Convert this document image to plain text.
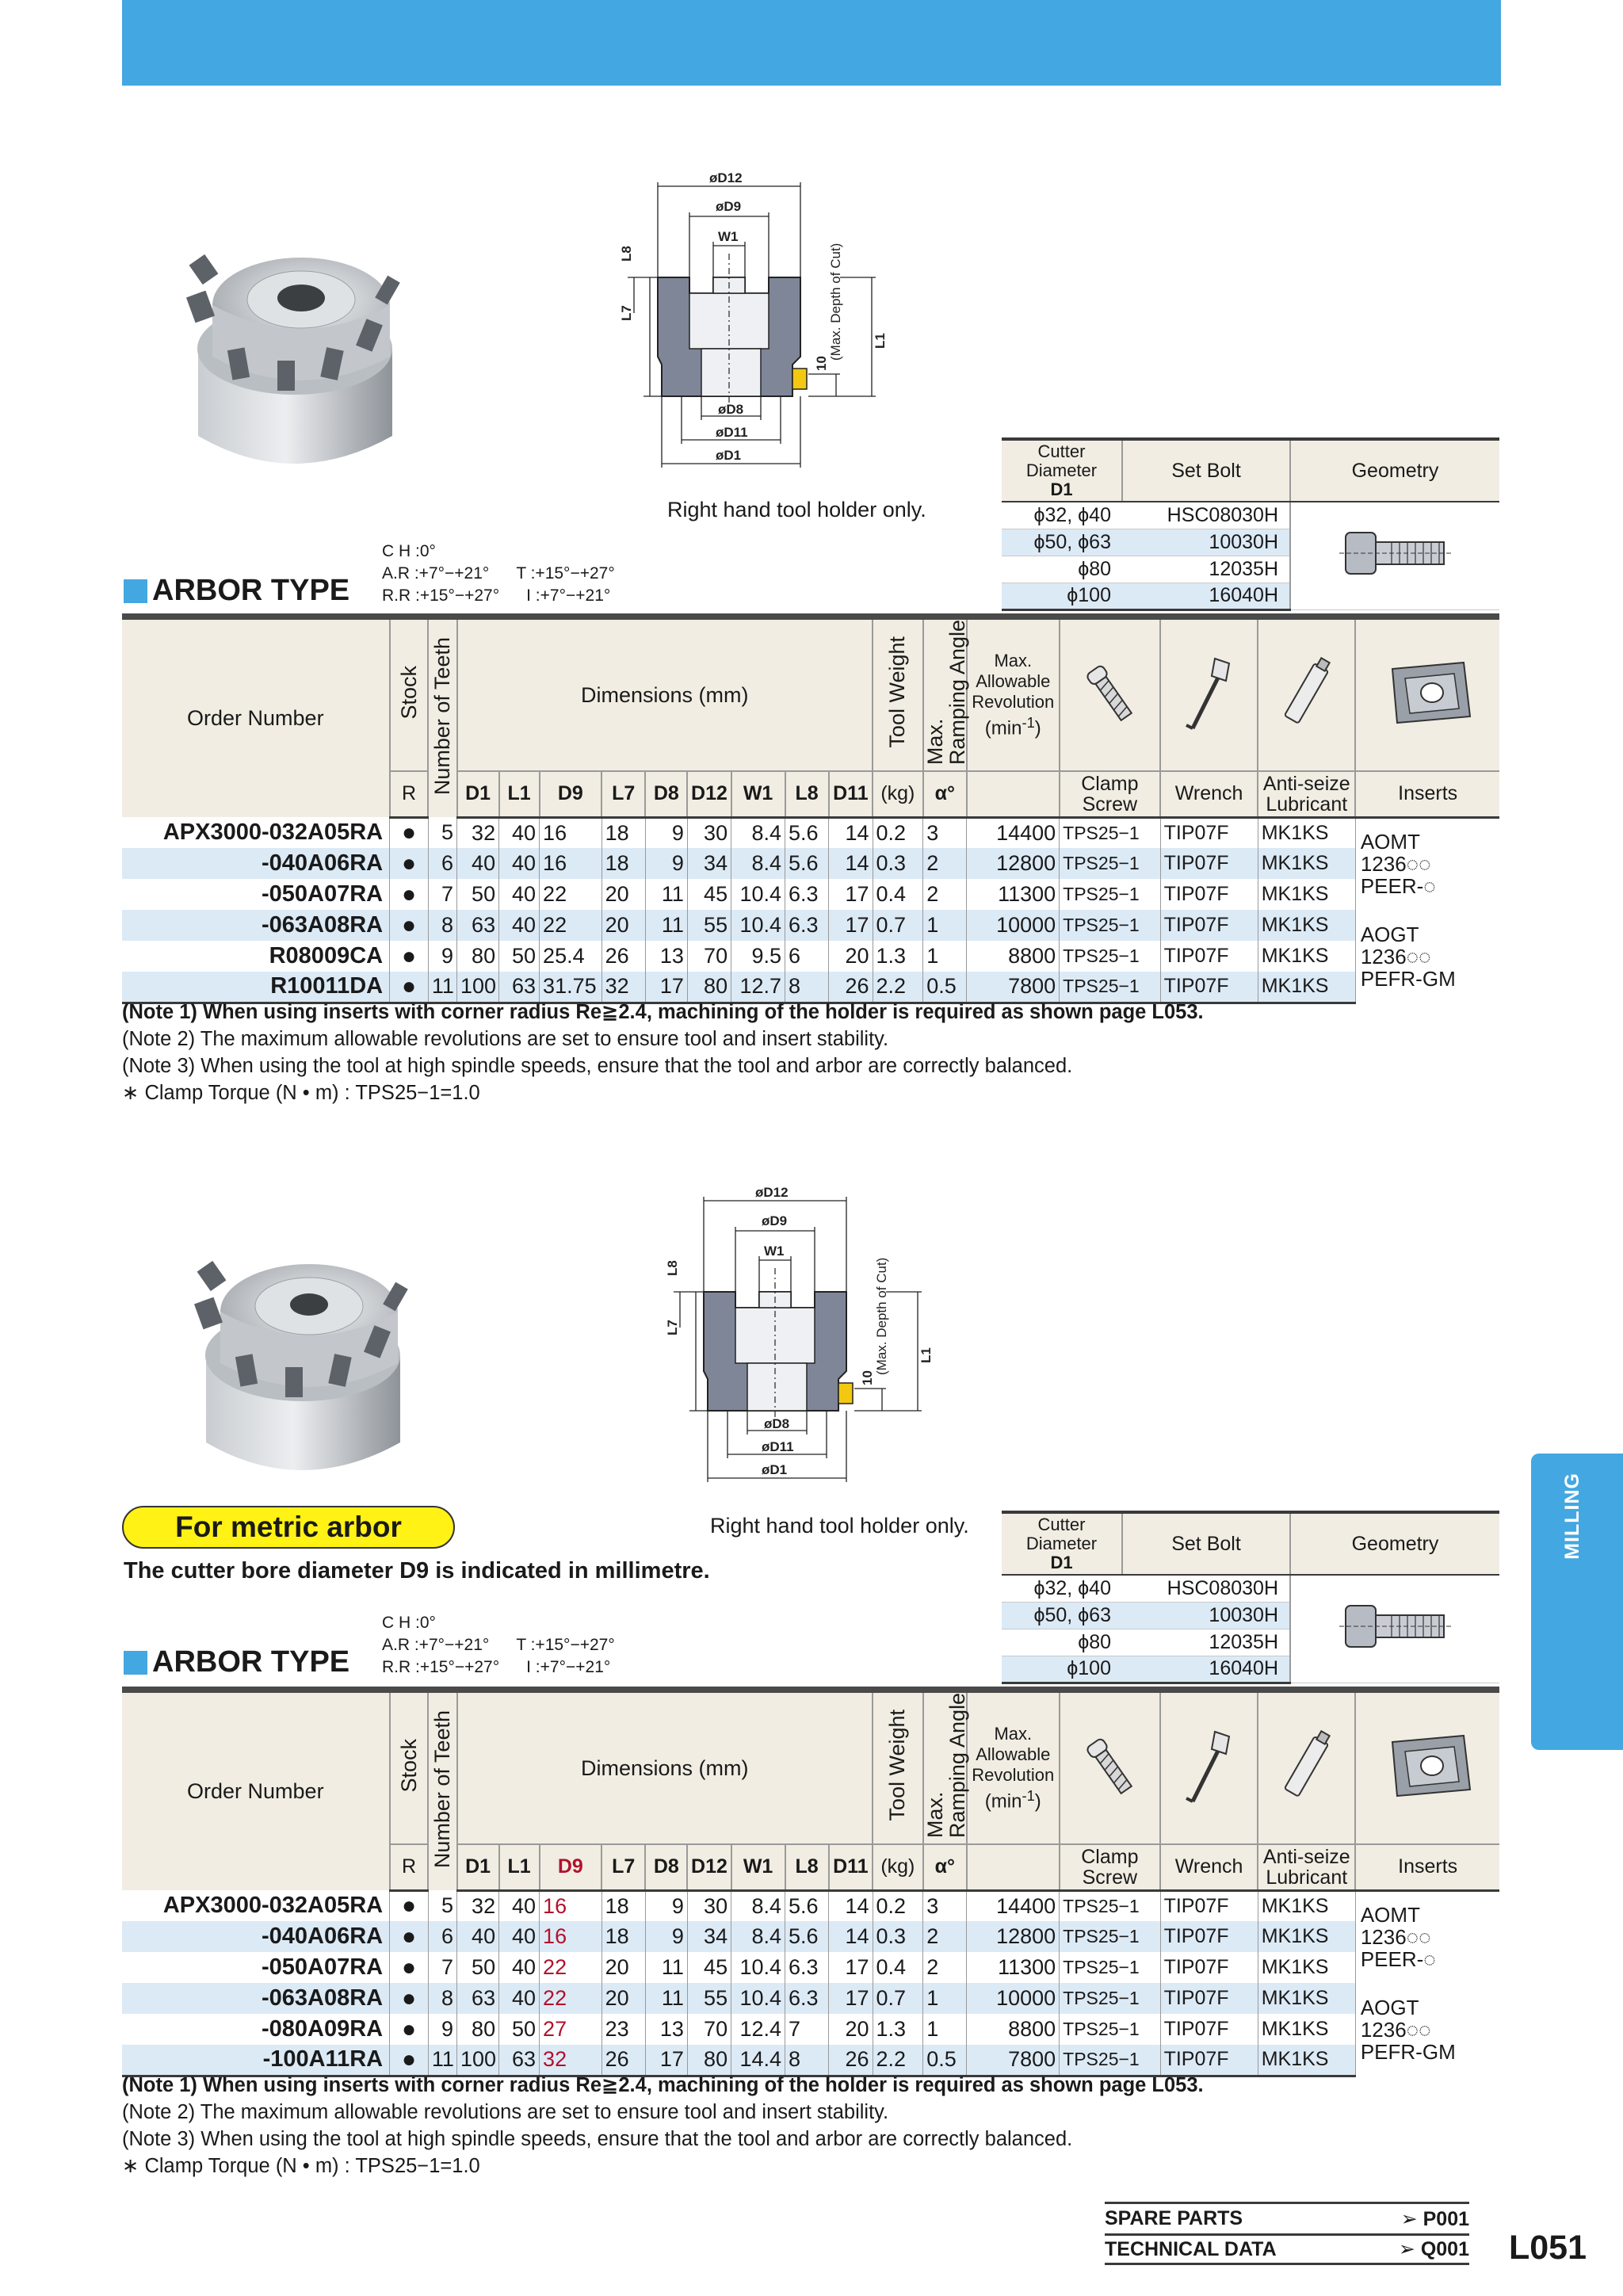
øD12
øD9
W1
L8
L7
10
(Max. Depth of Cut) L1
øD8
øD11
øD1
Right hand tool holder only.
Cutter Diameter
D1	Set Bolt	Geometry
ϕ32, ϕ40	HSC08030H	
ϕ50, ϕ63	10030H	
ϕ80	12035H	
ϕ100	16040H	
C H :0°
A.R :+7°−+21° T :+15°−+27°
R.R :+15°−+27° I :+7°−+21°
ARBOR TYPE
Order Number	Stock	Number of Teeth	Dimensions (mm)									Tool Weight	Max.
Ramping Angle	Max.
Allowable
Revolution
$(\min^{-1})$				
	R		D1	L1	D9	L7	D8	D12	W1	L8	D11	(kg)	α°		Clamp
Screw	Wrench	Anti-seize
Lubricant	Inserts
APX3000-032A05RA	●	5	32	40	16	18	9	30	8.4	5.6	14	0.2	3	14400	TPS25−1	TIP07F	MK1KS	AOMT
1236◌◌
PEER-◌
-040A06RA	●	6	40	40	16	18	9	34	8.4	5.6	14	0.3	2	12800	TPS25−1	TIP07F	MK1KS	
-050A07RA	●	7	50	40	22	20	11	45	10.4	6.3	17	0.4	2	11300	TPS25−1	TIP07F	MK1KS	
-063A08RA	●	8	63	40	22	20	11	55	10.4	6.3	17	0.7	1	10000	TPS25−1	TIP07F	MK1KS	AOGT
1236◌◌
PEFR-GM
R08009CA	●	9	80	50	25.4	26	13	70	9.5	6	20	1.3	1	8800	TPS25−1	TIP07F	MK1KS	
R10011DA	●	11	100	63	31.75	32	17	80	12.7	8	26	2.2	0.5	7800	TPS25−1	TIP07F	MK1KS	
(Note 1) When using inserts with corner radius Re≧2.4, machining of the holder is required as shown page L053.
(Note 2) The maximum allowable revolutions are set to ensure tool and insert stability.
(Note 3) When using the tool at high spindle speeds, ensure that the tool and arbor are correctly balanced.
∗ Clamp Torque (N • m) : TPS25−1=1.0
øD12
øD9
W1
L8
L7
10
(Max. Depth of Cut) L1
øD8
øD11
øD1
Right hand tool holder only.
For metric arbor
The cutter bore diameter D9 is indicated in millimetre.
Cutter Diameter
D1	Set Bolt	Geometry
ϕ32, ϕ40	HSC08030H	
ϕ50, ϕ63	10030H	
ϕ80	12035H	
ϕ100	16040H	
C H :0°
A.R :+7°−+21° T :+15°−+27°
R.R :+15°−+27° I :+7°−+21°
ARBOR TYPE
Order Number	Stock	Number of Teeth	Dimensions (mm)									Tool Weight	Max.
Ramping Angle	Max.
Allowable
Revolution
$(\min^{-1})$				
	R		D1	L1	D9	L7	D8	D12	W1	L8	D11	(kg)	α°		Clamp
Screw	Wrench	Anti-seize
Lubricant	Inserts
APX3000-032A05RA	●	5	32	40	16	18	9	30	8.4	5.6	14	0.2	3	14400	TPS25−1	TIP07F	MK1KS	AOMT
1236◌◌
PEER-◌
-040A06RA	●	6	40	40	16	18	9	34	8.4	5.6	14	0.3	2	12800	TPS25−1	TIP07F	MK1KS	
-050A07RA	●	7	50	40	22	20	11	45	10.4	6.3	17	0.4	2	11300	TPS25−1	TIP07F	MK1KS	
-063A08RA	●	8	63	40	22	20	11	55	10.4	6.3	17	0.7	1	10000	TPS25−1	TIP07F	MK1KS	AOGT
1236◌◌
PEFR-GM
-080A09RA	●	9	80	50	27	23	13	70	12.4	7	20	1.3	1	8800	TPS25−1	TIP07F	MK1KS	
-100A11RA	●	11	100	63	32	26	17	80	14.4	8	26	2.2	0.5	7800	TPS25−1	TIP07F	MK1KS	
(Note 1) When using inserts with corner radius Re≧2.4, machining of the holder is required as shown page L053.
(Note 2) The maximum allowable revolutions are set to ensure tool and insert stability.
(Note 3) When using the tool at high spindle speeds, ensure that the tool and arbor are correctly balanced.
∗ Clamp Torque (N • m) : TPS25−1=1.0
MILLING
SPARE PARTS	➢ P001
TECHNICAL DATA	➢ Q001 L051
